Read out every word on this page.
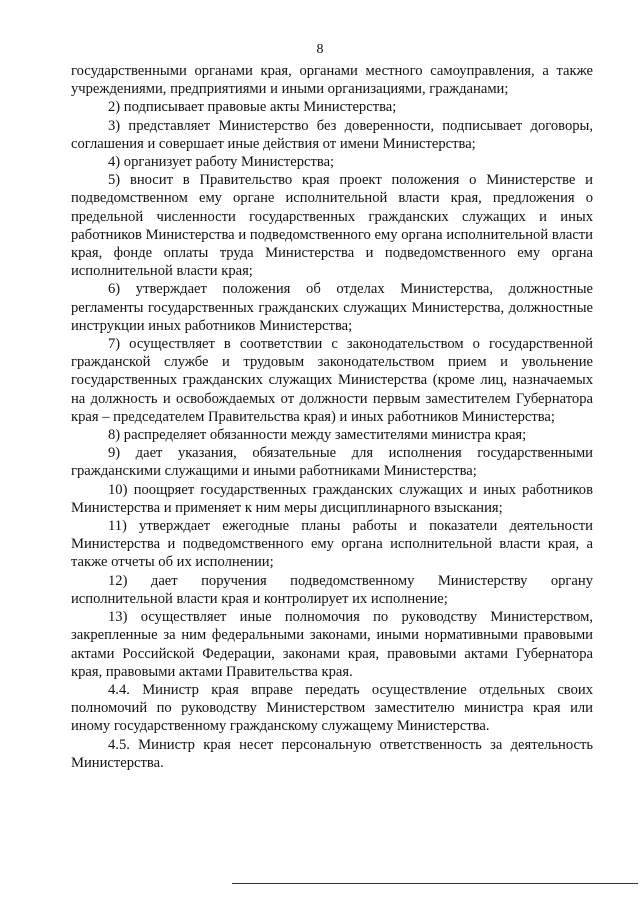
8

государственными органами края, органами местного самоуправления, а также учреждениями, предприятиями и иными организациями, гражданами;

2) подписывает правовые акты Министерства;

3) представляет Министерство без доверенности, подписывает договоры, соглашения и совершает иные действия от имени Министерства;

4) организует работу Министерства;

5) вносит в Правительство края проект положения о Министерстве и подведомственном ему органе исполнительной власти края, предложения о предельной численности государственных гражданских служащих и иных работников Министерства и подведомственного ему органа исполнительной власти края, фонде оплаты труда Министерства и подведомственного ему органа исполнительной власти края;

6) утверждает положения об отделах Министерства, должностные регламенты государственных гражданских служащих Министерства, должностные инструкции иных работников Министерства;

7) осуществляет в соответствии с законодательством о государственной гражданской службе и трудовым законодательством прием и увольнение государственных гражданских служащих Министерства (кроме лиц, назначаемых на должность и освобождаемых от должности первым заместителем Губернатора края – председателем Правительства края) и иных работников Министерства;

8) распределяет обязанности между заместителями министра края;

9) дает указания, обязательные для исполнения государственными гражданскими служащими и иными работниками Министерства;

10) поощряет государственных гражданских служащих и иных работников Министерства и применяет к ним меры дисциплинарного взыскания;

11) утверждает ежегодные планы работы и показатели деятельности Министерства и подведомственного ему органа исполнительной власти края, а также отчеты об их исполнении;

12) дает поручения подведомственному Министерству органу исполнительной власти края и контролирует их исполнение;

13) осуществляет иные полномочия по руководству Министерством, закрепленные за ним федеральными законами, иными нормативными правовыми актами Российской Федерации, законами края, правовыми актами Губернатора края, правовыми актами Правительства края.

4.4. Министр края вправе передать осуществление отдельных своих полномочий по руководству Министерством заместителю министра края или иному государственному гражданскому служащему Министерства.

4.5. Министр края несет персональную ответственность за деятельность Министерства.
